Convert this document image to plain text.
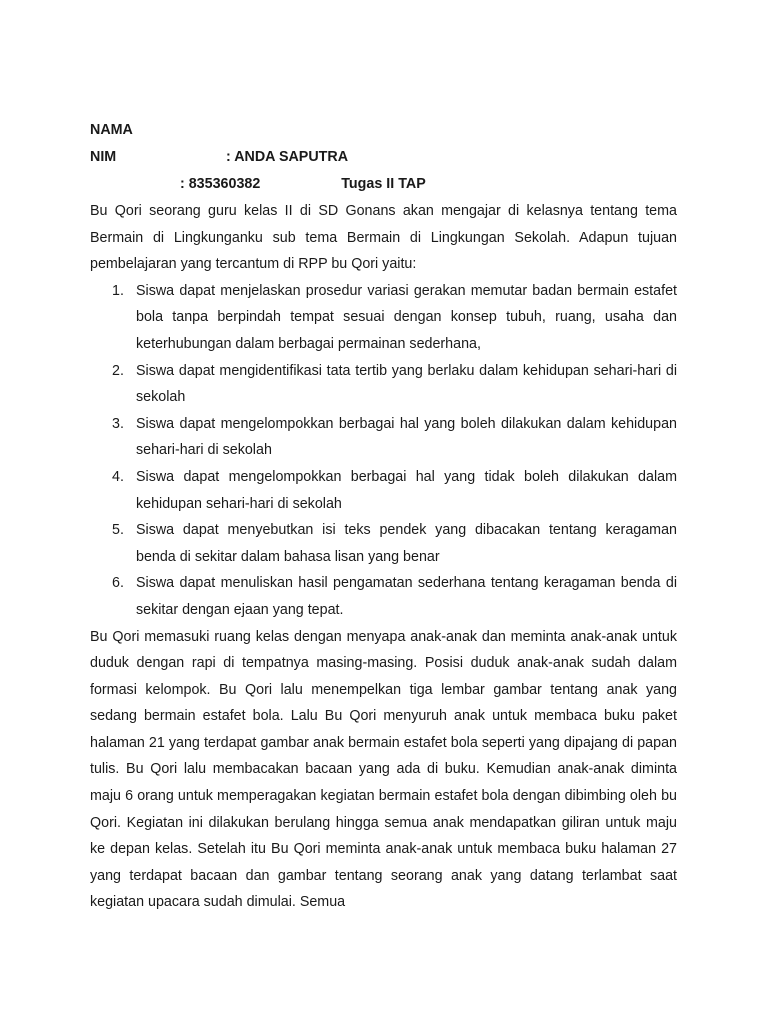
NAMA

: ANDA SAPUTRA

NIM

: 835360382

	Tugas II TAP

Bu Qori seorang guru kelas II di SD Gonans akan mengajar di kelasnya tentang tema Bermain di Lingkunganku sub tema Bermain di Lingkungan Sekolah. Adapun tujuan pembelajaran yang tercantum di RPP bu Qori yaitu:

1. Siswa dapat menjelaskan prosedur variasi gerakan memutar badan bermain estafet bola tanpa berpindah tempat sesuai dengan konsep tubuh, ruang, usaha dan keterhubungan dalam berbagai permainan sederhana,
2. Siswa dapat mengidentifikasi tata tertib yang berlaku dalam kehidupan sehari-hari di sekolah
3. Siswa dapat mengelompokkan berbagai hal yang boleh dilakukan dalam kehidupan sehari-hari di sekolah
4. Siswa dapat mengelompokkan berbagai hal yang tidak boleh dilakukan dalam kehidupan sehari-hari di sekolah
5. Siswa dapat menyebutkan isi teks pendek yang dibacakan tentang keragaman benda di sekitar dalam bahasa lisan yang benar
6. Siswa dapat menuliskan hasil pengamatan sederhana tentang keragaman benda di sekitar dengan ejaan yang tepat.

Bu Qori memasuki ruang kelas dengan menyapa anak-anak dan meminta anak-anak untuk duduk dengan rapi di tempatnya masing-masing. Posisi duduk anak-anak sudah dalam formasi kelompok. Bu Qori lalu menempelkan tiga lembar gambar tentang anak yang sedang bermain estafet bola. Lalu Bu Qori menyuruh anak untuk membaca buku paket halaman 21 yang terdapat gambar anak bermain estafet bola seperti yang dipajang di papan tulis. Bu Qori lalu membacakan bacaan yang ada di buku. Kemudian anak-anak diminta maju 6 orang untuk memperagakan kegiatan bermain estafet bola dengan dibimbing oleh bu Qori. Kegiatan ini dilakukan berulang hingga semua anak mendapatkan giliran untuk maju ke depan kelas. Setelah itu Bu Qori meminta anak-anak untuk membaca buku halaman 27 yang terdapat bacaan dan gambar tentang seorang anak yang datang terlambat saat kegiatan upacara sudah dimulai. Semua
